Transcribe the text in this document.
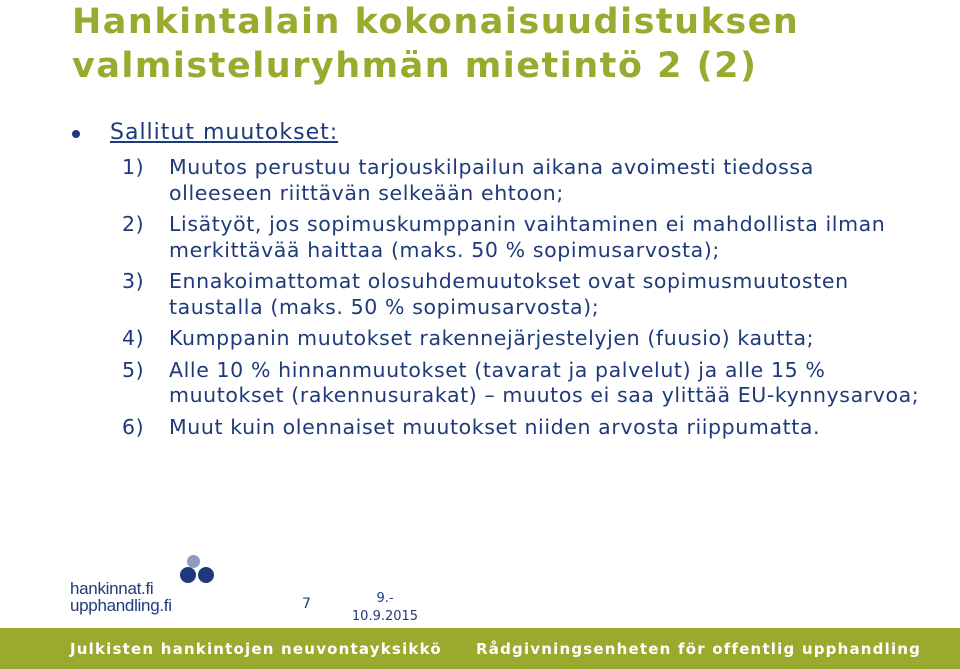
Hankintalain kokonaisuudistuksen
valmisteluryhmän mietintö 2 (2)
Sallitut muutokset:
1) Muutos perustuu tarjouskilpailun aikana avoimesti tiedossa olleeseen riittävän selkeään ehtoon;
2) Lisätyöt, jos sopimuskumppanin vaihtaminen ei mahdollista ilman merkittävää haittaa (maks. 50 % sopimusarvosta);
3) Ennakoimattomat olosuhdemuutokset ovat sopimusmuutosten taustalla (maks. 50 % sopimusarvosta);
4) Kumppanin muutokset rakennejärjestelyjen (fuusio) kautta;
5) Alle 10 % hinnanmuutokset (tavarat ja palvelut) ja alle 15 % muutokset (rakennusurakat) – muutos ei saa ylittää EU-kynnysarvoa;
6) Muut kuin olennaiset muutokset niiden arvosta riippumatta.
hankinnat.fi
upphandling.fi	7	9.-
10.9.2015
Julkisten hankintojen neuvontayksikkö Rådgivningsenheten för offentlig upphandling
